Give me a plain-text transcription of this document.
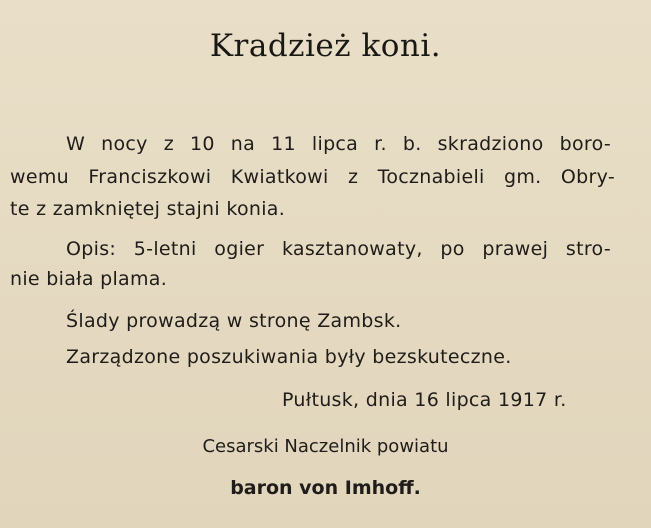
Kradzież koni.
W nocy z 10 na 11 lipca r. b. skradziono boro-
wemu Franciszkowi Kwiatkowi z Tocznabieli gm. Obry-
te z zamkniętej stajni konia.
Opis: 5-letni ogier kasztanowaty, po prawej stro-
nie biała plama.
Ślady prowadzą w stronę Zambsk.
Zarządzone poszukiwania były bezskuteczne.
Pułtusk, dnia 16 lipca 1917 r.
Cesarski Naczelnik powiatu
baron von Imhoff.
